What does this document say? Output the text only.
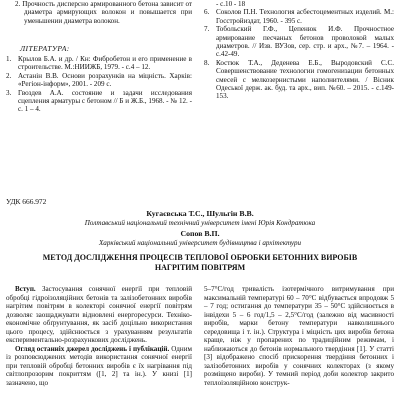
2. Прочность дисперсно армированного бетона зависит от диаметра армирующих волокон и повышается при уменьшении диаметра волокон.

ЛІТЕРАТУРА:

1. Крылов Б.А. и др. / Кн: Фибробетон и его применение в строительстве. М.:НИИЖБ, 1979. - с.4 – 12.
2. Астанін В.В. Основи розрахунків на міцність. Харків: «Регіон-інформ», 2001. - 209 с.
3. Гвоздев А.А. состояние и задачи исследования сцепления арматуры с бетоном // Б и Ж.Б., 1968. - № 12. - с. 1 – 4.
- с.10 - 18
6. Соколов П.Н. Технология асбестоцементных изделий. М.: Госстройиздат, 1960. - 395 с.
7. Тобольский Г.Ф., Цепенюк И.Ф. Прочностное армирование песчаных бетонов проволокой малых диаметров. // Изв. ВУЗов, сер. стр. и арх., №7. – 1964. - с.42-49.
8. Костюк Т.А., Деденева Е.Б., Выродовский С.С. Совершенствование технологии гомогенизации бетонных смесей с мелкозернистыми наполнителями. / Вісник Одеської держ. ак. буд. та арх., вип. №60. – 2015. - с.149-153.

УДК 666.972

Кугаєвська Т.С., Шульгін В.В.

Полтавський національний технічний університет імені Юрія Кондратюка

Сопов В.П.

Харківський національний університет будівництва і архітектури

МЕТОД ДОСЛІДЖЕННЯ ПРОЦЕСІВ ТЕПЛОВОЇ ОБРОБКИ БЕТОННИХ ВИРОБІВ НАГРІТИМ ПОВІТРЯМ

Вступ. Застосування сонячної енергії при тепловій обробці гідроізоляційних бетонів та залізобетонних виробів нагрітим повітрям в колекторі сонячної енергії повітрям дозволяє заощаджувати відновлені енергоресурси. Техніко-економічне обґрунтування, як засіб доцільно використання цього процесу, здійснюється з урахуванням результатів експериментально-розрахункових досліджень.

Огляд останніх джерел досліджень і публікацій. Одним із розповсюджених методів використання сонячної енергії при тепловій обробці бетонних виробів є їх нагрівання під світлопрозорим покриттям ([1, 2] та ін.). У книзі [1] зазначено, що

5–7°С/год тривалість ізотермічного витримування при максимальній температурі 60 – 70°С відбувається впродовж 5 – 7 год; остигання до температури 35 – 50°С здійснюється в інвідехи 5 – 6 год/1,5 – 2,5°С/год (залежно від масивності виробів, марки бетону температури навколишнього середовища і т. ін.). Структура і міцність цих виробів бетона краще, ніж у пропарених по традиційним режимам, і наближаються до бетонів нормального твердіння [1]. У статті [3] відображено спосіб прискорення твердіння бетонних і залізобетонних виробів у сонячних колекторах (з якому розміщено вироби). У темний період доби колектор закрито теплоізоляційною конструк-
